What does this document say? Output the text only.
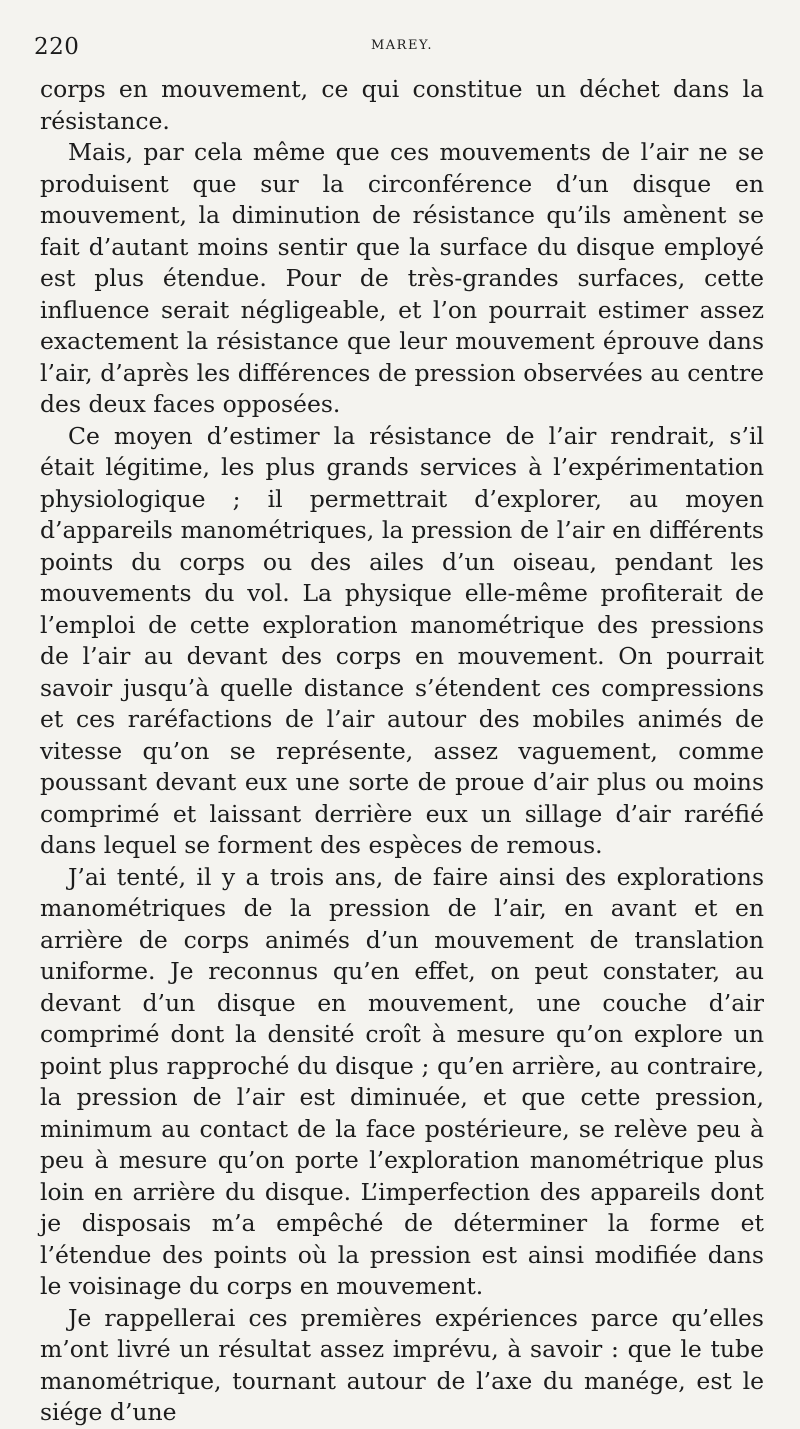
220	MAREY.

corps en mouvement, ce qui constitue un déchet dans la résistance.

Mais, par cela même que ces mouvements de l’air ne se produisent que sur la circonférence d’un disque en mouvement, la diminution de résistance qu’ils amènent se fait d’autant moins sentir que la surface du disque employé est plus étendue. Pour de très-grandes surfaces, cette influence serait négligeable, et l’on pourrait estimer assez exactement la résistance que leur mouvement éprouve dans l’air, d’après les différences de pression observées au centre des deux faces opposées.

Ce moyen d’estimer la résistance de l’air rendrait, s’il était légitime, les plus grands services à l’expérimentation physiologique ; il permettrait d’explorer, au moyen d’appareils manométriques, la pression de l’air en différents points du corps ou des ailes d’un oiseau, pendant les mouvements du vol. La physique elle-même profiterait de l’emploi de cette exploration manométrique des pressions de l’air au devant des corps en mouvement. On pourrait savoir jusqu’à quelle distance s’étendent ces compressions et ces raréfactions de l’air autour des mobiles animés de vitesse qu’on se représente, assez vaguement, comme poussant devant eux une sorte de proue d’air plus ou moins comprimé et laissant derrière eux un sillage d’air raréfié dans lequel se forment des espèces de remous.

J’ai tenté, il y a trois ans, de faire ainsi des explorations manométriques de la pression de l’air, en avant et en arrière de corps animés d’un mouvement de translation uniforme. Je reconnus qu’en effet, on peut constater, au devant d’un disque en mouvement, une couche d’air comprimé dont la densité croît à mesure qu’on explore un point plus rapproché du disque ; qu’en arrière, au contraire, la pression de l’air est diminuée, et que cette pression, minimum au contact de la face postérieure, se relève peu à peu à mesure qu’on porte l’exploration manométrique plus loin en arrière du disque. L’imperfection des appareils dont je disposais m’a empêché de déterminer la forme et l’étendue des points où la pression est ainsi modifiée dans le voisinage du corps en mouvement.

Je rappellerai ces premières expériences parce qu’elles m’ont livré un résultat assez imprévu, à savoir : que le tube manométrique, tournant autour de l’axe du manége, est le siége d’une
